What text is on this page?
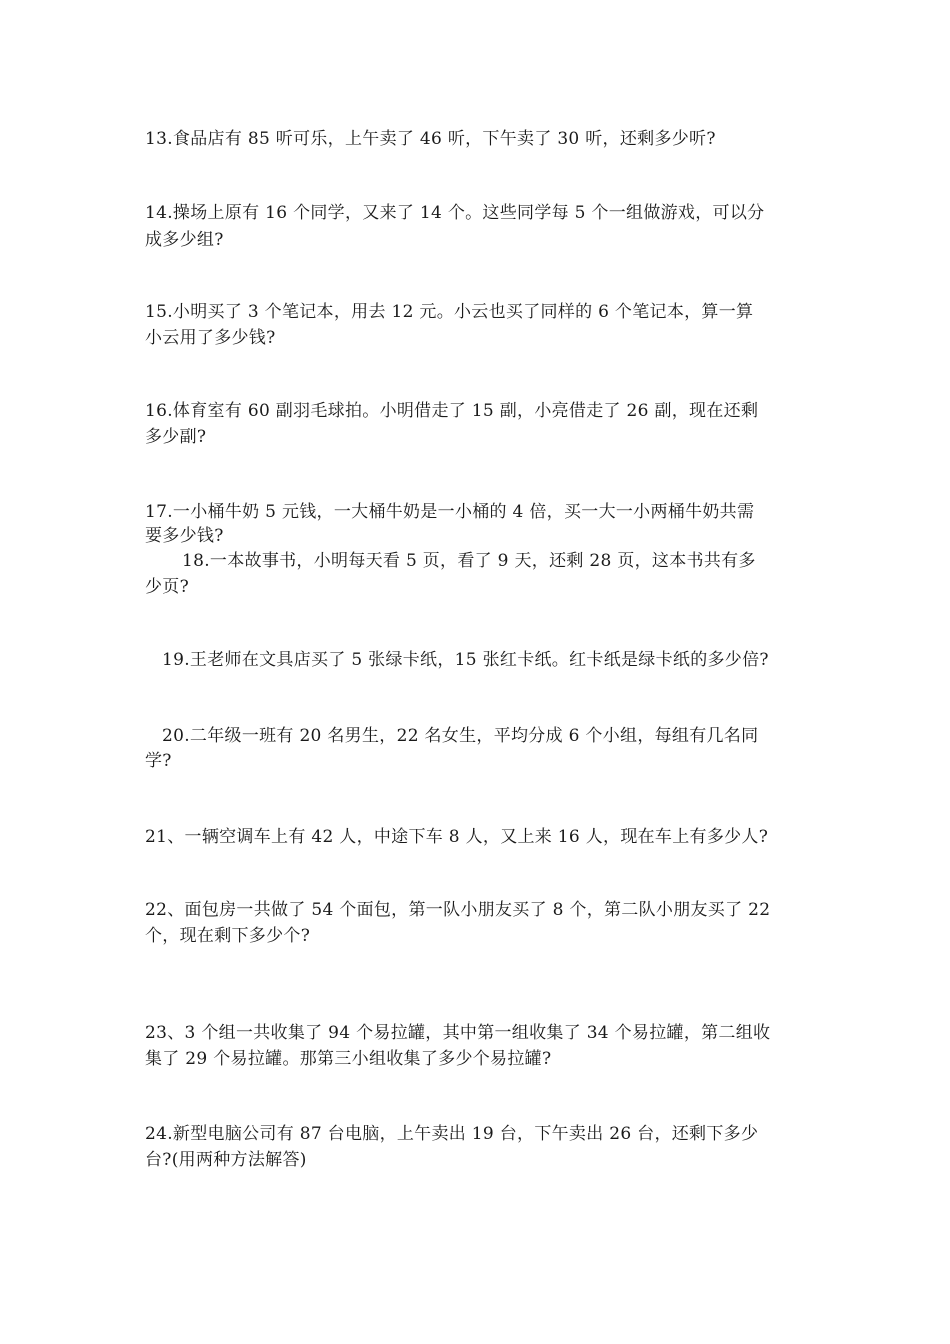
13.食品店有 85 听可乐，上午卖了 46 听，下午卖了 30 听，还剩多少听?
14.操场上原有 16 个同学，又来了 14 个。这些同学每 5 个一组做游戏，可以分
成多少组?
15.小明买了 3 个笔记本，用去 12 元。小云也买了同样的 6 个笔记本，算一算
小云用了多少钱?
16.体育室有 60 副羽毛球拍。小明借走了 15 副，小亮借走了 26 副，现在还剩
多少副?
17.一小桶牛奶 5 元钱，一大桶牛奶是一小桶的 4 倍，买一大一小两桶牛奶共需
要多少钱?
18.一本故事书，小明每天看 5 页，看了 9 天，还剩 28 页，这本书共有多
少页?
19.王老师在文具店买了 5 张绿卡纸，15 张红卡纸。红卡纸是绿卡纸的多少倍?
20.二年级一班有 20 名男生，22 名女生，平均分成 6 个小组，每组有几名同
学?
21、一辆空调车上有 42 人，中途下车 8 人，又上来 16 人，现在车上有多少人?
22、面包房一共做了 54 个面包，第一队小朋友买了 8 个，第二队小朋友买了 22
个，现在剩下多少个?
23、3 个组一共收集了 94 个易拉罐，其中第一组收集了 34 个易拉罐，第二组收
集了 29 个易拉罐。那第三小组收集了多少个易拉罐?
24.新型电脑公司有 87 台电脑，上午卖出 19 台，下午卖出 26 台，还剩下多少
台?(用两种方法解答)
